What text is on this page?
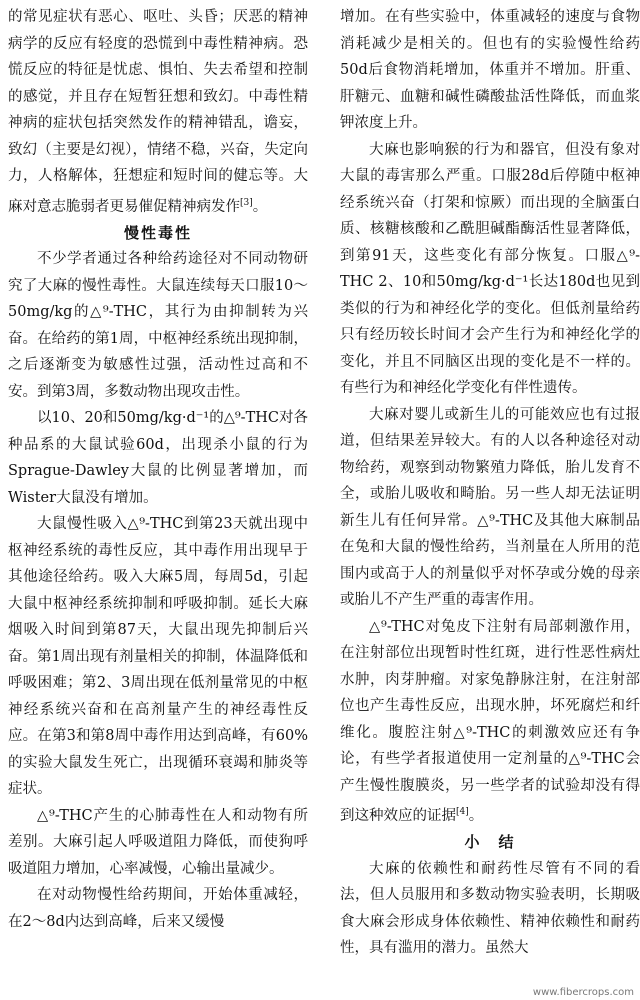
的常见症状有恶心、呕吐、头昏；厌恶的精神病学的反应有轻度的恐慌到中毒性精神病。恐慌反应的特征是忧虑、惧怕、失去希望和控制的感觉，并且存在短暂狂想和致幻。中毒性精神病的症状包括突然发作的精神错乱，谵妄，致幻（主要是幻视），情绪不稳，兴奋，失定向力，人格解体，狂想症和短时间的健忘等。大麻对意志脆弱者更易催促精神病发作[3]。

慢性毒性

不少学者通过各种给药途径对不同动物研究了大麻的慢性毒性。大鼠连续每天口服10～50mg/kg的△⁹-THC，其行为由抑制转为兴奋。在给药的第1周，中枢神经系统出现抑制，之后逐渐变为敏感性过强，活动性过高和不安。到第3周，多数动物出现攻击性。

以10、20和50mg/kg·d⁻¹的△⁹-THC对各种品系的大鼠试验60d，出现杀小鼠的行为Sprague-Dawley大鼠的比例显著增加，而Wister大鼠没有增加。

大鼠慢性吸入△⁹-THC到第23天就出现中枢神经系统的毒性反应，其中毒作用出现早于其他途径给药。吸入大麻5周，每周5d，引起大鼠中枢神经系统抑制和呼吸抑制。延长大麻烟吸入时间到第87天，大鼠出现先抑制后兴奋。第1周出现有剂量相关的抑制，体温降低和呼吸困难；第2、3周出现在低剂量常见的中枢神经系统兴奋和在高剂量产生的神经毒性反应。在第3和第8周中毒作用达到高峰，有60%的实验大鼠发生死亡，出现循环衰竭和肺炎等症状。

△⁹-THC产生的心肺毒性在人和动物有所差别。大麻引起人呼吸道阻力降低，而使狗呼吸道阻力增加，心率减慢，心输出量减少。

在对动物慢性给药期间，开始体重减轻，在2～8d内达到高峰，后来又缓慢

增加。在有些实验中，体重减轻的速度与食物消耗减少是相关的。但也有的实验慢性给药50d后食物消耗增加，体重并不增加。肝重、肝糖元、血糖和碱性磷酸盐活性降低，而血浆钾浓度上升。

大麻也影响猴的行为和器官，但没有象对大鼠的毒害那么严重。口服28d后停随中枢神经系统兴奋（打架和惊厥）而出现的全脑蛋白质、核糖核酸和乙酰胆碱酯酶活性显著降低，到第91天，这些变化有部分恢复。口服△⁹-THC 2、10和50mg/kg·d⁻¹长达180d也见到类似的行为和神经化学的变化。但低剂量给药只有经历较长时间才会产生行为和神经化学的变化，并且不同脑区出现的变化是不一样的。有些行为和神经化学变化有伴性遗传。

大麻对婴儿或新生儿的可能效应也有过报道，但结果差异较大。有的人以各种途径对动物给药，观察到动物繁殖力降低，胎儿发育不全，或胎儿吸收和畸胎。另一些人却无法证明新生儿有任何异常。△⁹-THC及其他大麻制品在兔和大鼠的慢性给药，当剂量在人所用的范围内或高于人的剂量似乎对怀孕或分娩的母亲或胎儿不产生严重的毒害作用。

△⁹-THC对兔皮下注射有局部刺激作用，在注射部位出现暂时性红斑，进行性恶性病灶水肿，肉芽肿瘤。对家兔静脉注射，在注射部位也产生毒性反应，出现水肿，坏死腐烂和纤维化。腹腔注射△⁹-THC的刺激效应还有争论，有些学者报道使用一定剂量的△⁹-THC会产生慢性腹膜炎，另一些学者的试验却没有得到这种效应的证据[4]。

小　结

大麻的依赖性和耐药性尽管有不同的看法，但人员服用和多数动物实验表明，长期吸食大麻会形成身体依赖性、精神依赖性和耐药性，具有滥用的潜力。虽然大

www.fibercrops.com
